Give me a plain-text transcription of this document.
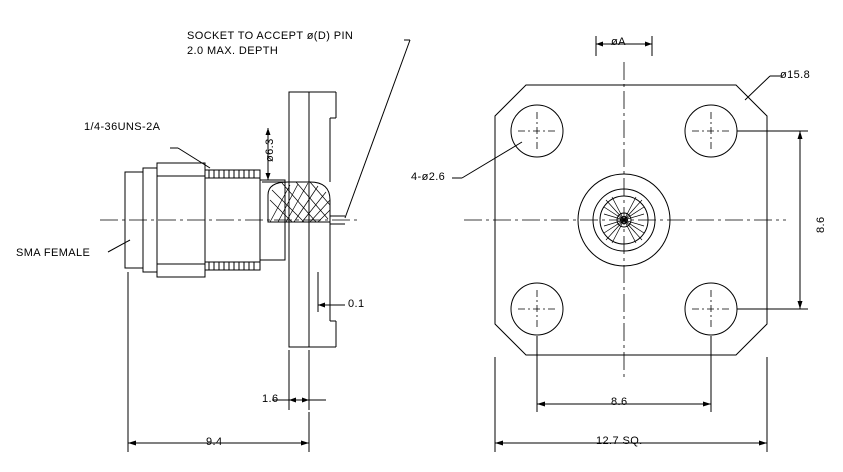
SOCKET TO ACCEPT ø(D) PIN
2.0 MAX. DEPTH
1/4-36UNS-2A
ø6.3
SMA FEMALE
0.1
1.6
9.4
øA
ø15.8
4-ø2.6
8.6
8.6
12.7 SQ.
